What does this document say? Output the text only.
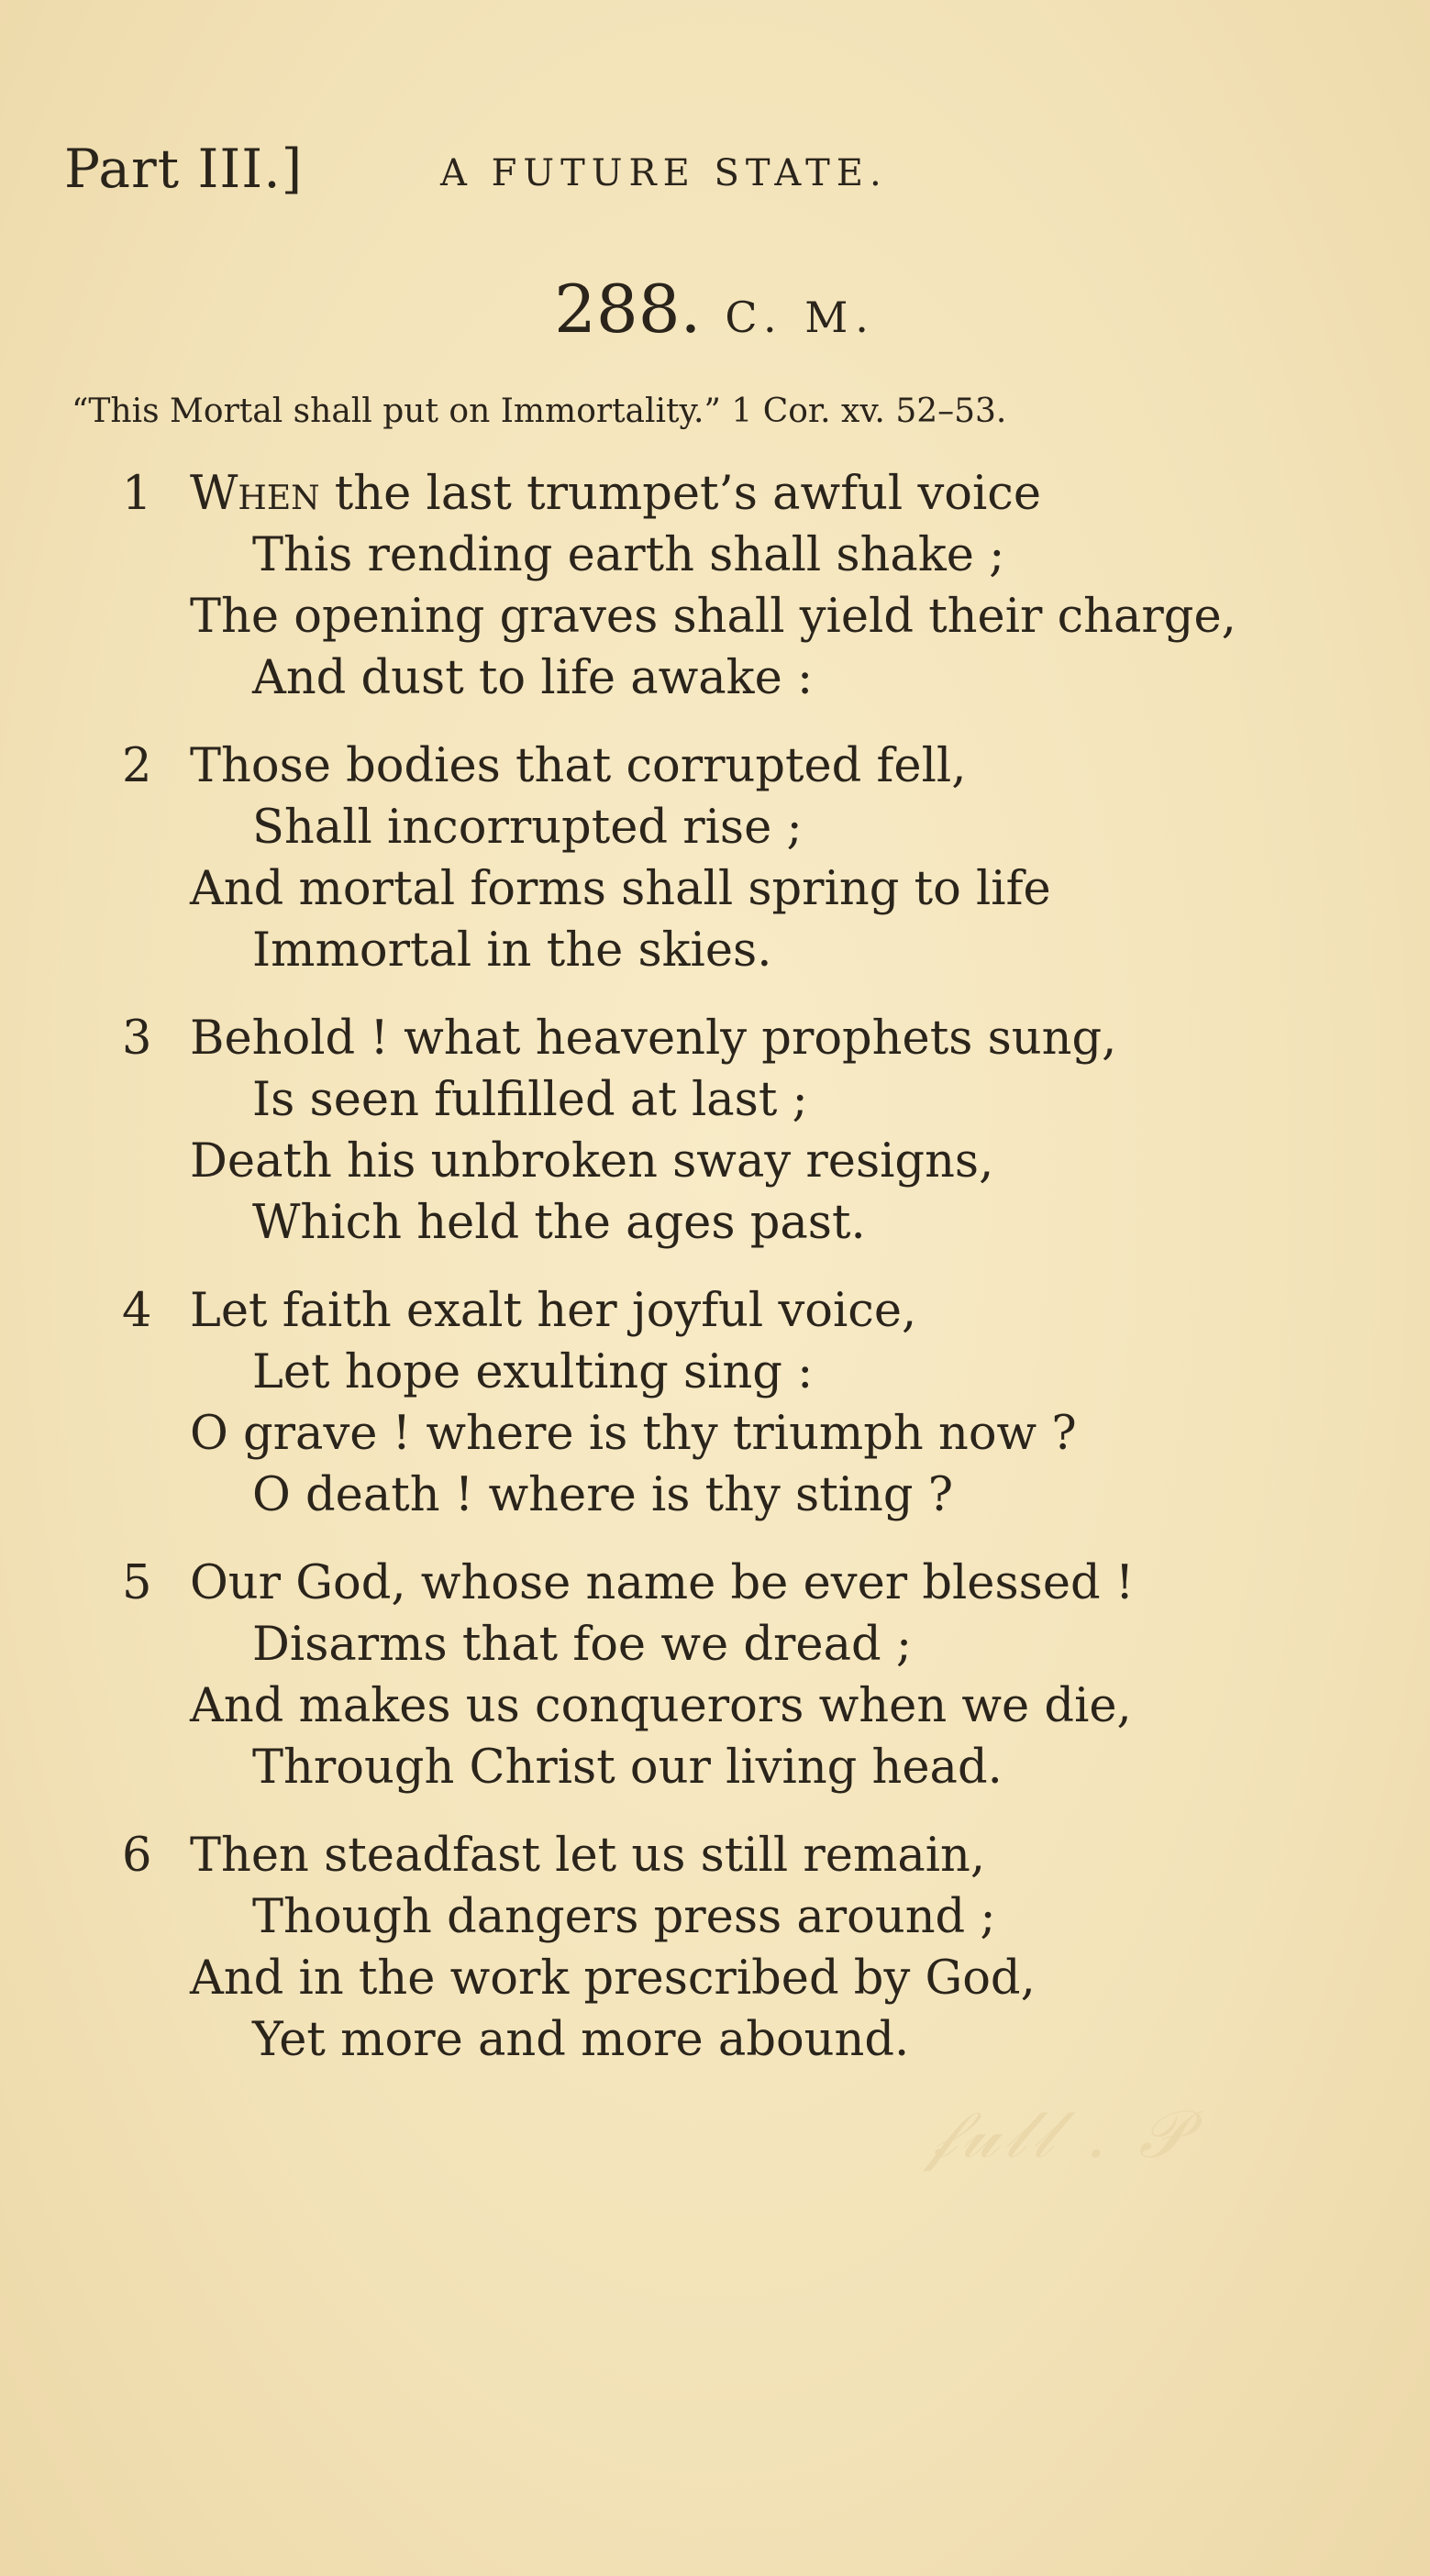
Part III.]	A FUTURE STATE.
288. C. M.
“This Mortal shall put on Immortality.” 1 Cor. xv. 52–53.
1 When the last trumpet’s awful voice
This rending earth shall shake ;
The opening graves shall yield their charge,
And dust to life awake :
2 Those bodies that corrupted fell,
Shall incorrupted rise ;
And mortal forms shall spring to life
Immortal in the skies.
3 Behold ! what heavenly prophets sung,
Is seen fulfilled at last ;
Death his unbroken sway resigns,
Which held the ages past.
4 Let faith exalt her joyful voice,
Let hope exulting sing :
O grave ! where is thy triumph now ?
O death ! where is thy sting ?
5 Our God, whose name be ever blessed !
Disarms that foe we dread ;
And makes us conquerors when we die,
Through Christ our living head.
6 Then steadfast let us still remain,
Though dangers press around ;
And in the work prescribed by God,
Yet more and more abound.
𝒻𝓊𝓁𝓁 . 𝒫
